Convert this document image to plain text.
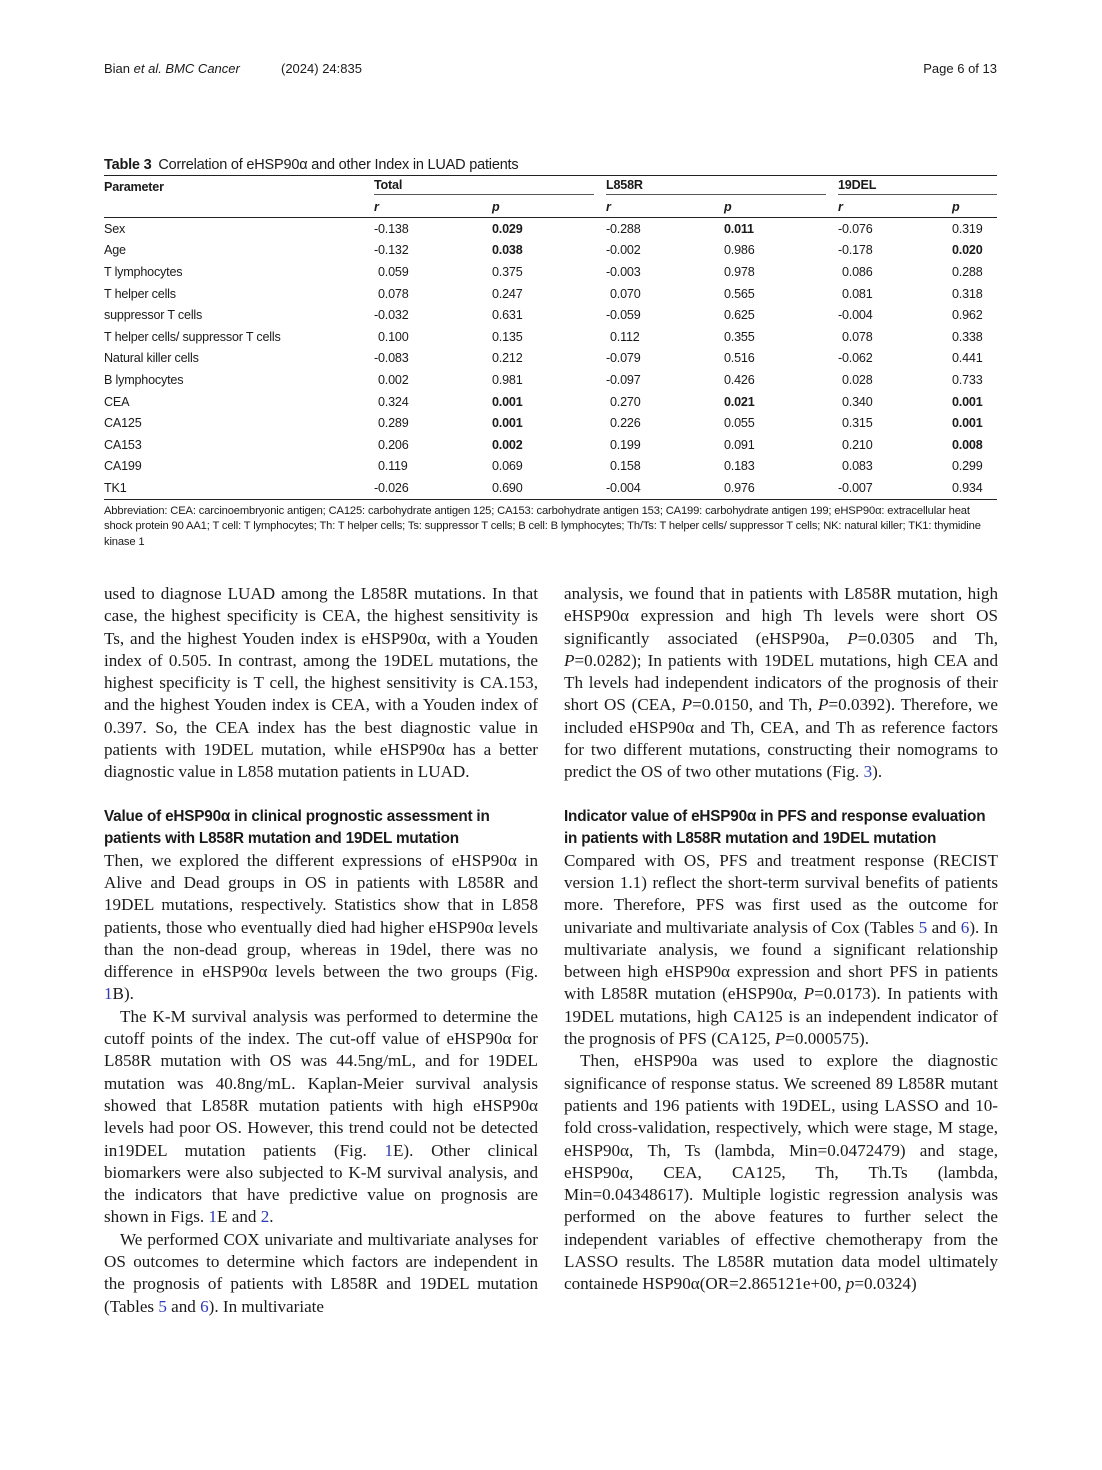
Bian et al. BMC Cancer	(2024) 24:835	Page 6 of 13
Table 3 Correlation of eHSP90α and other Index in LUAD patients
Parameter	Total		L858R		19DEL	

	r	p	r	p	r	p
Sex	-0.138	0.029	-0.288	0.011	-0.076	0.319
Age	-0.132	0.038	-0.002	0.986	-0.178	0.020
T lymphocytes	0.059	0.375	-0.003	0.978	0.086	0.288
T helper cells	0.078	0.247	0.070	0.565	0.081	0.318
suppressor T cells	-0.032	0.631	-0.059	0.625	-0.004	0.962
T helper cells/ suppressor T cells	0.100	0.135	0.112	0.355	0.078	0.338
Natural killer cells	-0.083	0.212	-0.079	0.516	-0.062	0.441
B lymphocytes	0.002	0.981	-0.097	0.426	0.028	0.733
CEA	0.324	0.001	0.270	0.021	0.340	0.001
CA125	0.289	0.001	0.226	0.055	0.315	0.001
CA153	0.206	0.002	0.199	0.091	0.210	0.008
CA199	0.119	0.069	0.158	0.183	0.083	0.299
TK1	-0.026	0.690	-0.004	0.976	-0.007	0.934
Abbreviation: CEA: carcinoembryonic antigen; CA125: carbohydrate antigen 125; CA153: carbohydrate antigen 153; CA199: carbohydrate antigen 199; eHSP90α: extracellular heat shock protein 90 AA1; T cell: T lymphocytes; Th: T helper cells; Ts: suppressor T cells; B cell: B lymphocytes; Th/Ts: T helper cells/ suppressor T cells; NK: natural killer; TK1: thymidine kinase 1

used to diagnose LUAD among the L858R mutations. In that case, the highest specificity is CEA, the highest sensitivity is Ts, and the highest Youden index is eHSP90α, with a Youden index of 0.505. In contrast, among the 19DEL mutations, the highest specificity is T cell, the highest sensitivity is CA.153, and the highest Youden index is CEA, with a Youden index of 0.397. So, the CEA index has the best diagnostic value in patients with 19DEL mutation, while eHSP90α has a better diagnostic value in L858 mutation patients in LUAD.

Value of eHSP90α in clinical prognostic assessment in patients with L858R mutation and 19DEL mutation

Then, we explored the different expressions of eHSP90α in Alive and Dead groups in OS in patients with L858R and 19DEL mutations, respectively. Statistics show that in L858 patients, those who eventually died had higher eHSP90α levels than the non-dead group, whereas in 19del, there was no difference in eHSP90α levels between the two groups (Fig. 1B).

The K-M survival analysis was performed to determine the cutoff points of the index. The cut-off value of eHSP90α for L858R mutation with OS was 44.5ng/mL, and for 19DEL mutation was 40.8ng/mL. Kaplan-Meier survival analysis showed that L858R mutation patients with high eHSP90α levels had poor OS. However, this trend could not be detected in19DEL mutation patients (Fig. 1E). Other clinical biomarkers were also subjected to K-M survival analysis, and the indicators that have predictive value on prognosis are shown in Figs. 1E and 2.

We performed COX univariate and multivariate analyses for OS outcomes to determine which factors are independent in the prognosis of patients with L858R and 19DEL mutation (Tables 5 and 6). In multivariate

analysis, we found that in patients with L858R mutation, high eHSP90α expression and high Th levels were short OS significantly associated (eHSP90a, P=0.0305 and Th, P=0.0282); In patients with 19DEL mutations, high CEA and Th levels had independent indicators of the prognosis of their short OS (CEA, P=0.0150, and Th, P=0.0392). Therefore, we included eHSP90α and Th, CEA, and Th as reference factors for two different mutations, constructing their nomograms to predict the OS of two other mutations (Fig. 3).

Indicator value of eHSP90α in PFS and response evaluation in patients with L858R mutation and 19DEL mutation

Compared with OS, PFS and treatment response (RECIST version 1.1) reflect the short-term survival benefits of patients more. Therefore, PFS was first used as the outcome for univariate and multivariate analysis of Cox (Tables 5 and 6). In multivariate analysis, we found a significant relationship between high eHSP90α expression and short PFS in patients with L858R mutation (eHSP90α, P=0.0173). In patients with 19DEL mutations, high CA125 is an independent indicator of the prognosis of PFS (CA125, P=0.000575).

Then, eHSP90a was used to explore the diagnostic significance of response status. We screened 89 L858R mutant patients and 196 patients with 19DEL, using LASSO and 10-fold cross-validation, respectively, which were stage, M stage, eHSP90α, Th, Ts (lambda, Min=0.0472479) and stage, eHSP90α, CEA, CA125, Th, Th.Ts (lambda, Min=0.04348617). Multiple logistic regression analysis was performed on the above features to further select the independent variables of effective chemotherapy from the LASSO results. The L858R mutation data model ultimately containede HSP90α(OR=2.865121e+00, p=0.0324)
